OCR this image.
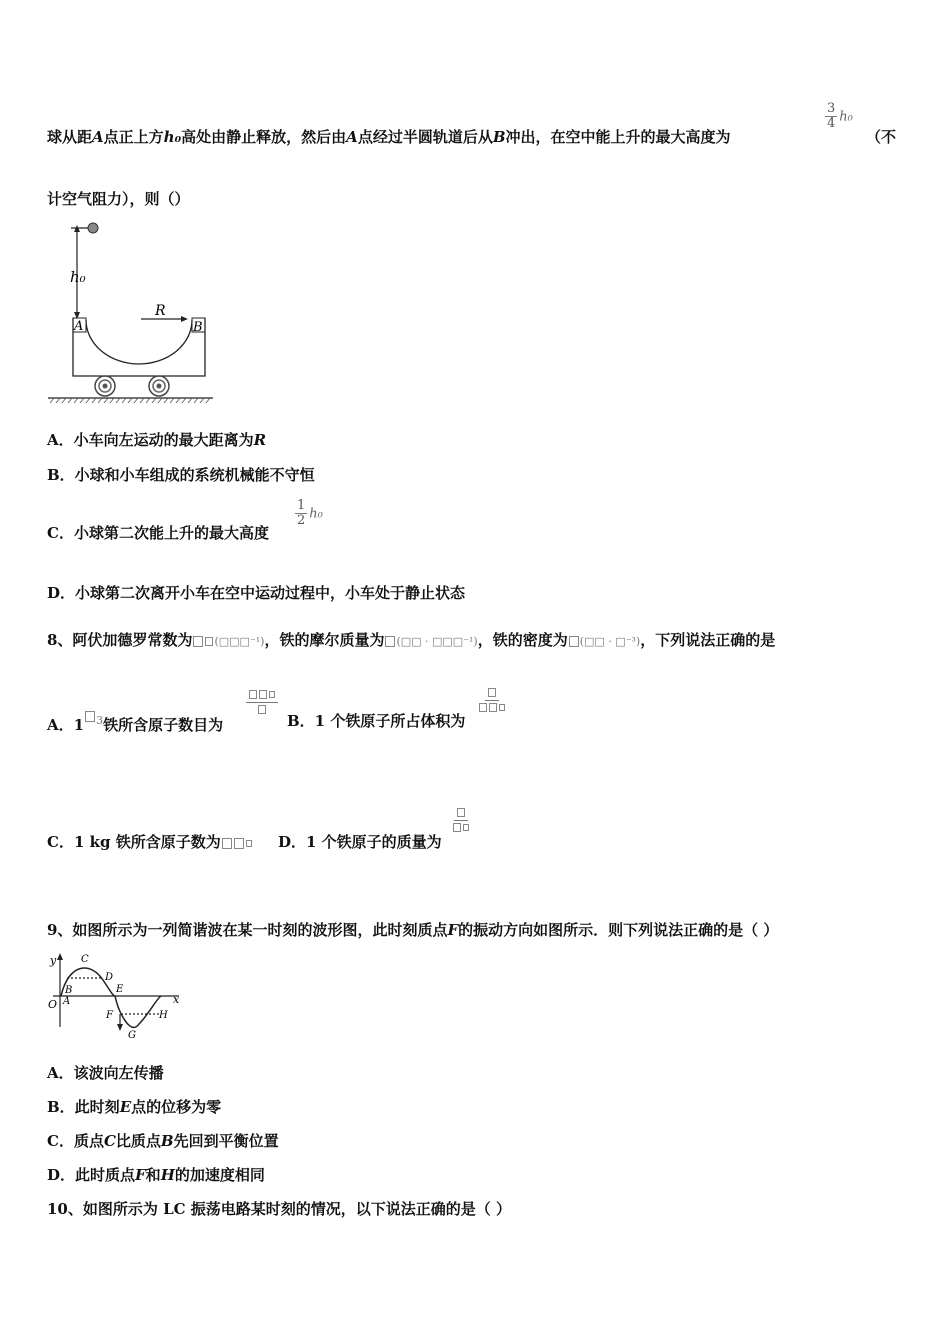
球从距A点正上方h₀高处由静止释放，然后由A点经过半圆轨道后从B冲出，在空中能上升的最大高度为
$\frac{3}{4} h_0$
（不
计空气阻力），则（）
h₀
A	B
R
A．小车向左运动的最大距离为R
B．小球和小车组成的系统机械能不守恒
C．小球第二次能上升的最大高度
$\frac{1}{2} h_0$
D．小球第二次离开小车在空中运动过程中，小车处于静止状态
8、阿伏加德罗常数为 (□□□⁻¹)，铁的摩尔质量为 (□□ · □□□⁻¹)，铁的密度为 (□□ · □⁻³)，下列说法正确的是
A．1 $^3$铁所含原子数目为	B．1 个铁原子所占体积为
C．1 kg 铁所含原子数为	D．1 个铁原子的质量为
9、如图所示为一列简谐波在某一时刻的波形图，此时刻质点F的振动方向如图所示．则下列说法正确的是（ ）
y
x
O A
B
C
D
E
F
G
H
A．该波向左传播
B．此时刻E点的位移为零
C．质点C比质点B先回到平衡位置
D．此时质点F和H的加速度相同
10、如图所示为 LC 振荡电路某时刻的情况，以下说法正确的是（ ）
